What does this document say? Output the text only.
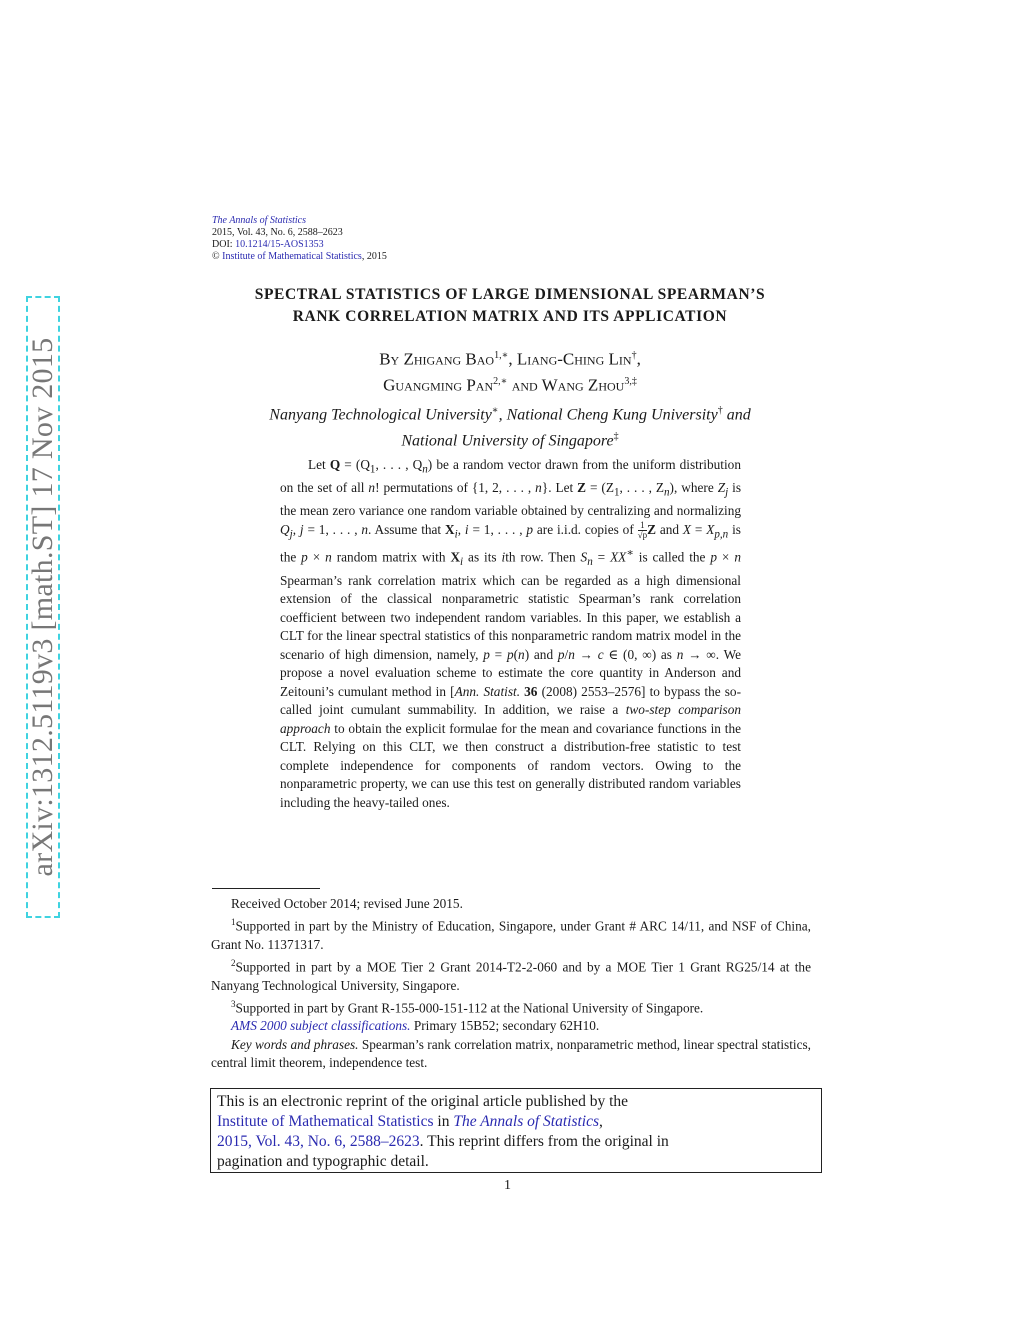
arXiv:1312.5119v3 [math.ST] 17 Nov 2015
The Annals of Statistics
2015, Vol. 43, No. 6, 2588–2623
DOI: 10.1214/15-AOS1353
© Institute of Mathematical Statistics, 2015
SPECTRAL STATISTICS OF LARGE DIMENSIONAL SPEARMAN’S
RANK CORRELATION MATRIX AND ITS APPLICATION
By Zhigang Bao$^{1,∗}$, Liang-Ching Lin†,
Guangming Pan$^{2,∗}$ and Wang Zhou$^{3,\ddagger}$
Nanyang Technological University∗, National Cheng Kung University† and
National University of Singapore‡
Let $Q = (Q_1$, . . . , $Q_n$) be a random vector drawn from the uniform distribution on the set of all n! permutations of {1, 2, . . . , n}. Let $Z = (Z_1$, . . . , $Z_n$), where $Z_j$ is the mean zero variance one random variable obtained by centralizing and normalizing $Q_j$, j = 1, . . . , n. Assume that $X_i$, i = 1, . . . , p are i.i.d. copies of $\frac{1}{√p}$ Z and $X = X_{p,n}$ is the p × n random matrix with $X_i$ as its ith row. Then $S_n = XX^∗$ is called the p × n Spearman’s rank correlation matrix which can be regarded as a high dimensional extension of the classical nonparametric statistic Spearman’s rank correlation coefficient between two independent random variables. In this paper, we establish a CLT for the linear spectral statistics of this nonparametric random matrix model in the scenario of high dimension, namely, p = p(n) and p/n → c ∈ (0, ∞) as n → ∞. We propose a novel evaluation scheme to estimate the core quantity in Anderson and Zeitouni’s cumulant method in [Ann. Statist. 36 (2008) 2553–2576] to bypass the so-called joint cumulant summability. In addition, we raise a two-step comparison approach to obtain the explicit formulae for the mean and covariance functions in the CLT. Relying on this CLT, we then construct a distribution-free statistic to test complete independence for components of random vectors. Owing to the nonparametric property, we can use this test on generally distributed random variables including the heavy-tailed ones.

Received October 2014; revised June 2015.

$^1$Supported in part by the Ministry of Education, Singapore, under Grant # ARC 14/11, and NSF of China, Grant No. 11371317.

$^2$Supported in part by a MOE Tier 2 Grant 2014-T2-2-060 and by a MOE Tier 1 Grant RG25/14 at the Nanyang Technological University, Singapore.

$^3$Supported in part by Grant R-155-000-151-112 at the National University of Singapore.

AMS 2000 subject classifications. Primary 15B52; secondary 62H10.

Key words and phrases. Spearman’s rank correlation matrix, nonparametric method, linear spectral statistics, central limit theorem, independence test.

This is an electronic reprint of the original article published by the
Institute of Mathematical Statistics in The Annals of Statistics,
2015, Vol. 43, No. 6, 2588–2623. This reprint differs from the original in
pagination and typographic detail.
1
